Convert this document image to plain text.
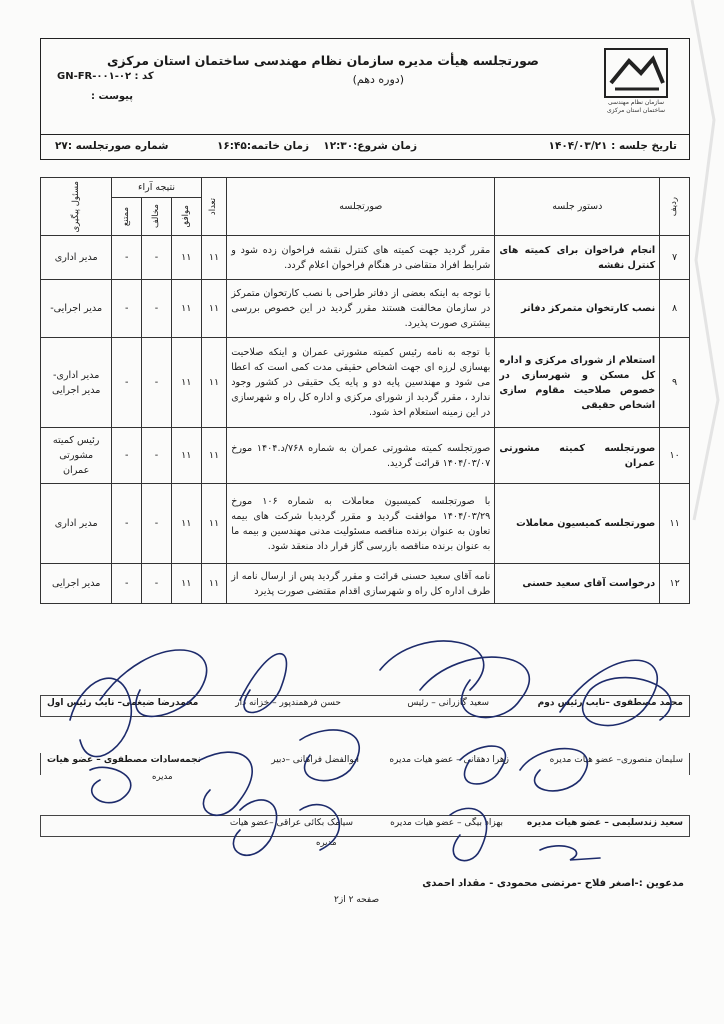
سازمان نظام مهندسی ساختمان استان مرکزی
صورتجلسه هیأت مدیره سازمان نظام مهندسی ساختمان استان مرکزی
(دوره دهم)
کد : GN-FR-۰۰۱-۰۲
پیوست :
تاریخ جلسه : ۱۴۰۴/۰۳/۲۱
زمان شروع:۱۲:۳۰
زمان خاتمه:۱۶:۴۵
شماره صورتجلسه :۲۷
ردیف	دستور جلسه	صورتجلسه	تعداد	نتیجه آراء			مسئول پیگیری

				موافق	مخالف	ممتنع	

۷	انجام فراخوان برای کمیته های کنترل نقشه	مقرر گردید جهت کمیته های کنترل نقشه فراخوان زده شود و شرایط افراد متقاضی در هنگام فراخوان اعلام گردد.	۱۱	۱۱	-	-	مدیر اداری
۸	نصب کارتخوان متمرکز دفاتر	با توجه به اینکه بعضی از دفاتر طراحی با نصب کارتخوان متمرکز در سازمان مخالفت هستند مقرر گردید در این خصوص بررسی بیشتری صورت پذیرد.	۱۱	۱۱	-	-	مدیر اجرایی-
۹	استعلام از شورای مرکزی و اداره کل مسکن و شهرسازی در خصوص صلاحیت مقاوم سازی اشخاص حقیقی	با توجه به نامه رئیس کمیته مشورتی عمران و اینکه صلاحیت بهسازی لرزه ای جهت اشخاص حقیقی مدت کمی است که اعطا می شود و مهندسین پایه دو و پایه یک حقیقی در کشور وجود ندارد ، مقرر گردید از شورای مرکزی و اداره کل راه و شهرسازی در این زمینه استعلام اخذ شود.	۱۱	۱۱	-	-	مدیر اداری- مدیر اجرایی
۱۰	صورتجلسه کمیته مشورتی عمران	صورتجلسه کمیته مشورتی عمران به شماره ۷۶۸/د.۱۴۰۴ مورخ ۱۴۰۴/۰۳/۰۷ قرائت گردید.	۱۱	۱۱	-	-	رئیس کمیته مشورتی عمران
۱۱	صورتجلسه کمیسیون معاملات	با صورتجلسه کمیسیون معاملات به شماره ۱۰۶ مورخ ۱۴۰۴/۰۳/۲۹ موافقت گردید و مقرر گردیدبا شرکت های بیمه تعاون به عنوان برنده مناقصه مسئولیت مدنی مهندسین و بیمه ما به عنوان برنده مناقصه بازرسی گاز قرار داد منعقد شود.	۱۱	۱۱	-	-	مدیر اداری
۱۲	درخواست آقای سعید حسنی	نامه آقای سعید حسنی قرائت و مقرر گردید پس از ارسال نامه از طرف اداره کل راه و شهرسازی اقدام مقتضی صورت پذیرد	۱۱	۱۱	-	-	مدیر اجرایی
محمد مصطفوی –نایب رئیس دوم
سعید گازرانی – رئیس
حسن فرهمندپور – خزانه دار
محمدرضا ضیغمی– نایب رئیس اول
سلیمان منصوری– عضو هیات مدیره
زهرا دهقانی – عضو هیات مدیره
ابوالفضل فراهانی –دبیر
نجمه‌سادات مصطفوی – عضو هیات
مدیره
سعید زندسلیمی – عضو هیات مدیره
بهزاد بیگی – عضو هیات مدیره
سیامک بکائی عراقی –عضو هیات
مدیره
مدعوین :-اصغر فلاح -مرتضی محمودی - مقداد احمدی
صفحه ۲ از۲
